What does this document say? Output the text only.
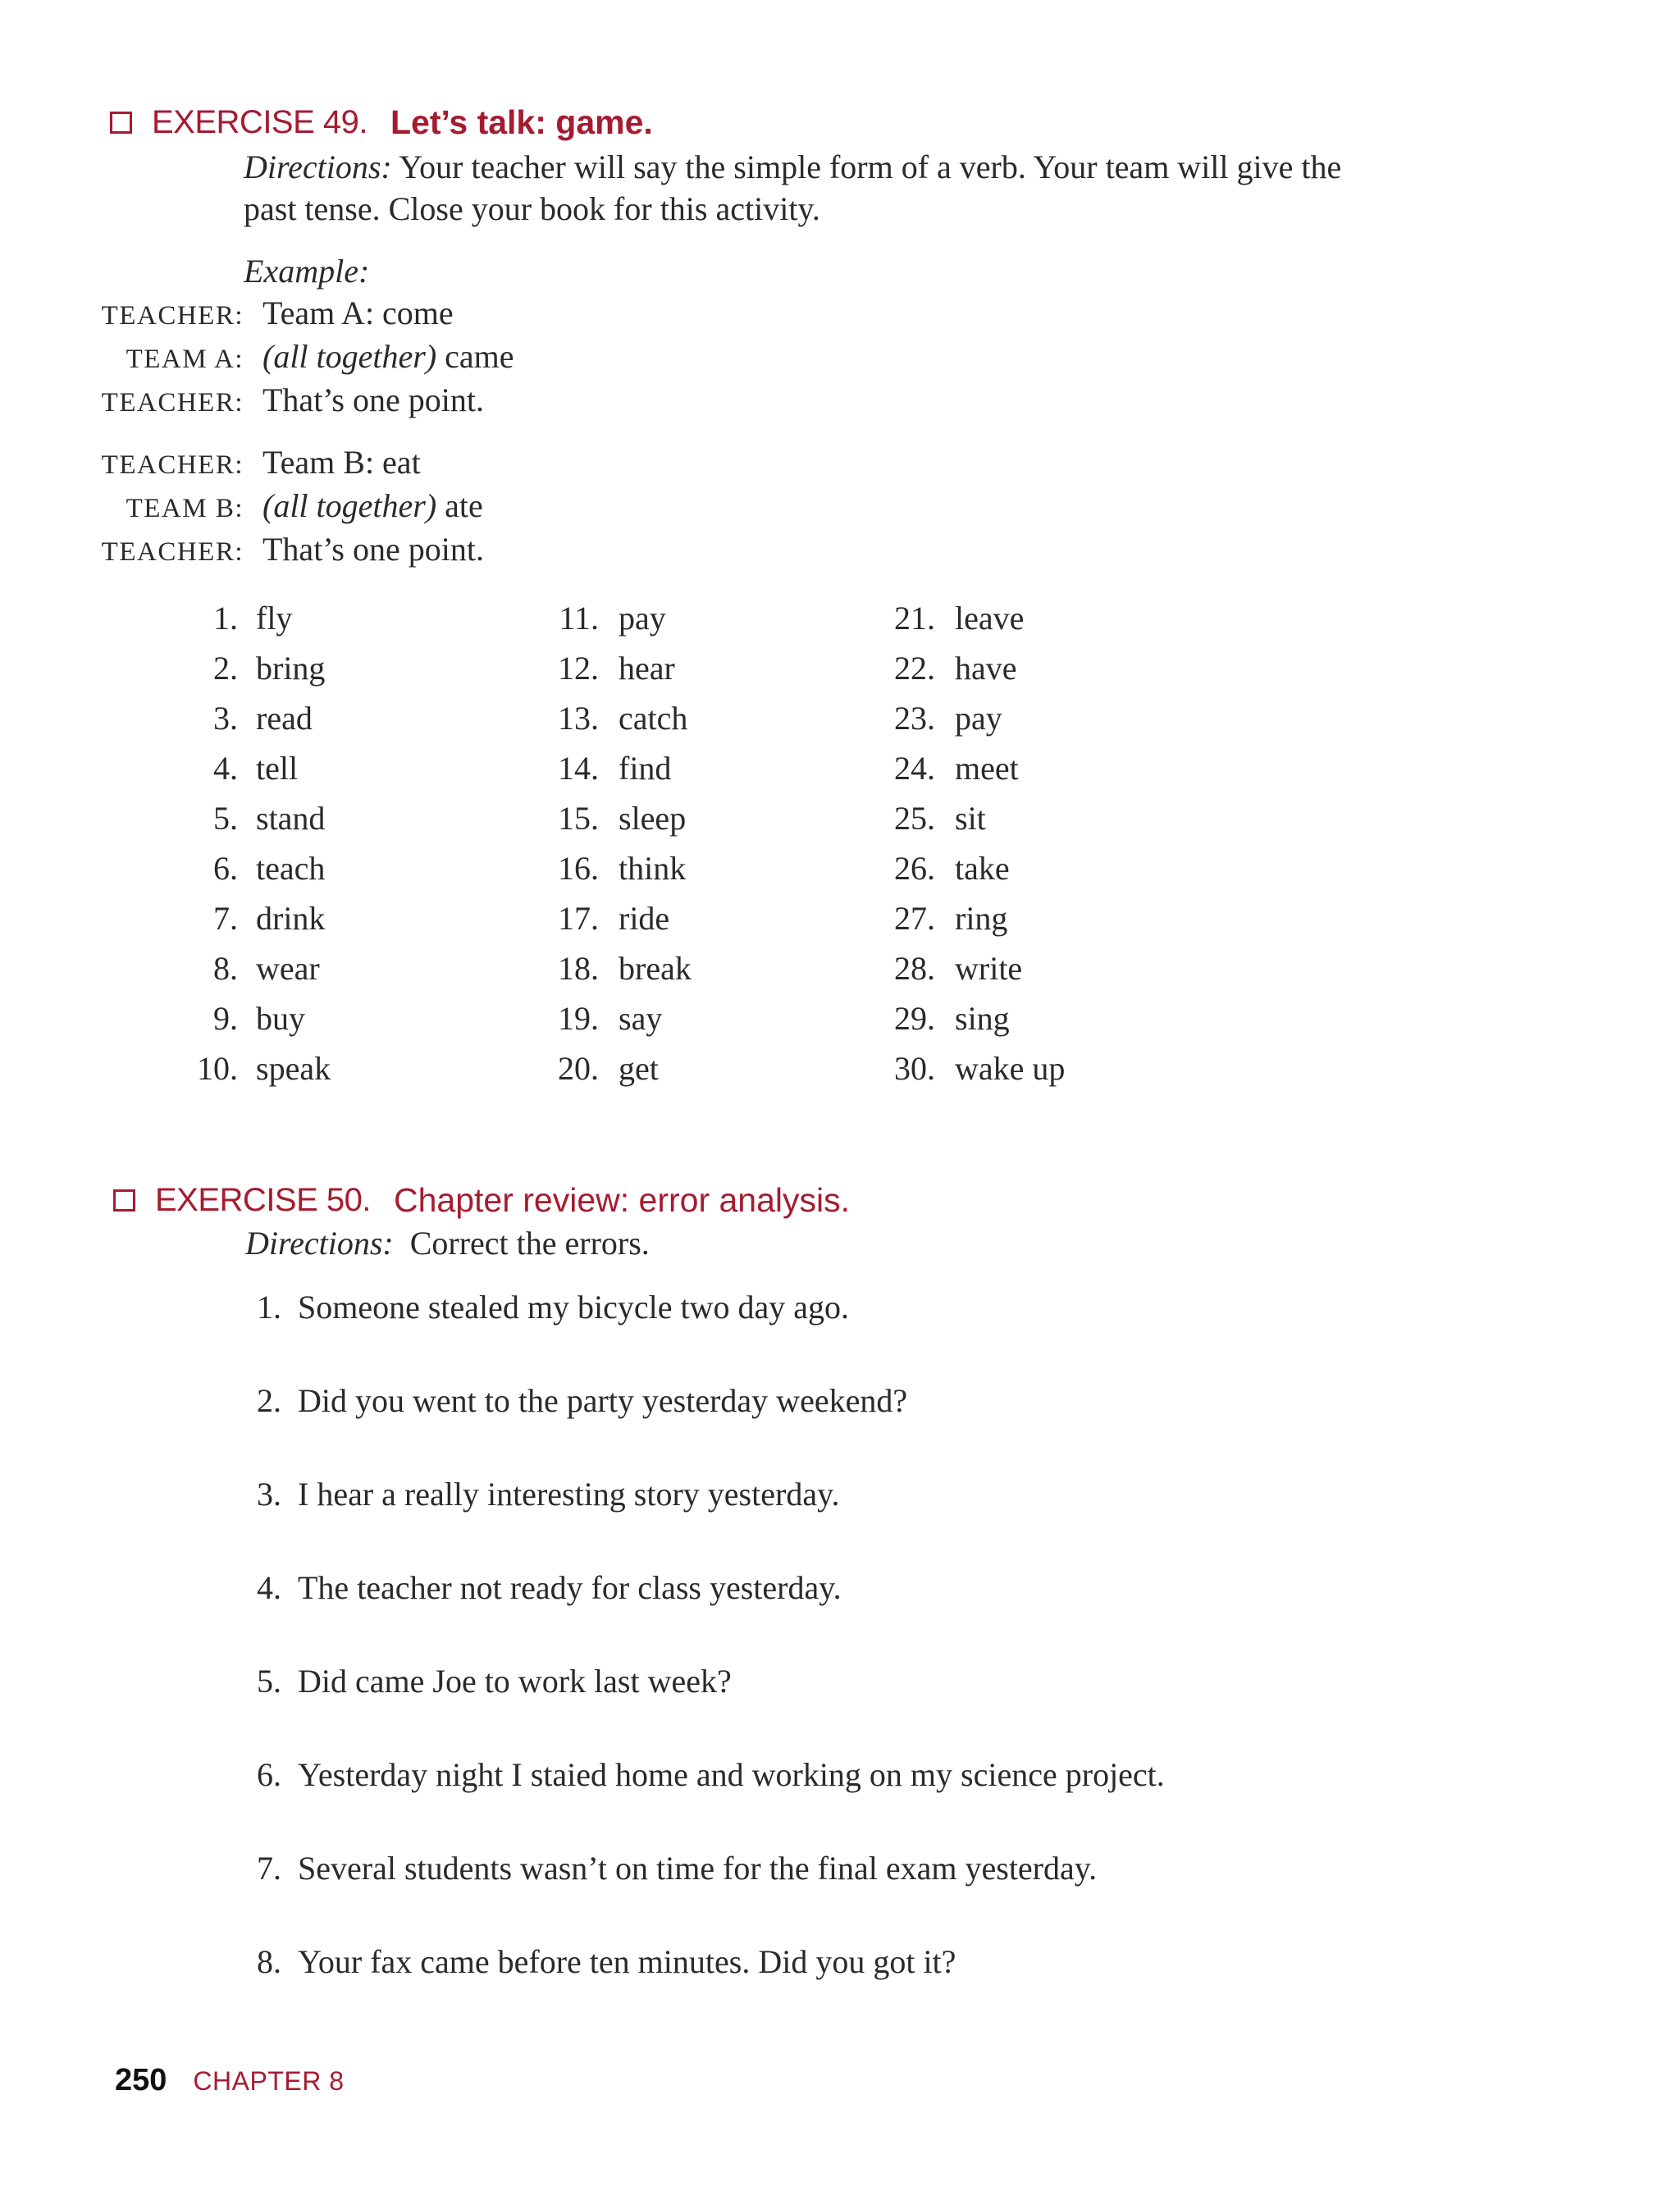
EXERCISE 49. Let’s talk: game.
Directions: Your teacher will say the simple form of a verb. Your team will give the
past tense. Close your book for this activity.
Example:
TEACHER: Team A: come
TEAM A: (all together) came
TEACHER: That’s one point.
TEACHER: Team B: eat
TEAM B: (all together) ate
TEACHER: That’s one point.
1. fly
2. bring
3. read
4. tell
5. stand
6. teach
7. drink
8. wear
9. buy
10. speak
11. pay
12. hear
13. catch
14. find
15. sleep
16. think
17. ride
18. break
19. say
20. get
21. leave
22. have
23. pay
24. meet
25. sit
26. take
27. ring
28. write
29. sing
30. wake up
EXERCISE 50. Chapter review: error analysis.
Directions: Correct the errors.
1. Someone stealed my bicycle two day ago.
2. Did you went to the party yesterday weekend?
3. I hear a really interesting story yesterday.
4. The teacher not ready for class yesterday.
5. Did came Joe to work last week?
6. Yesterday night I staied home and working on my science project.
7. Several students wasn’t on time for the final exam yesterday.
8. Your fax came before ten minutes. Did you got it?
250 CHAPTER 8
